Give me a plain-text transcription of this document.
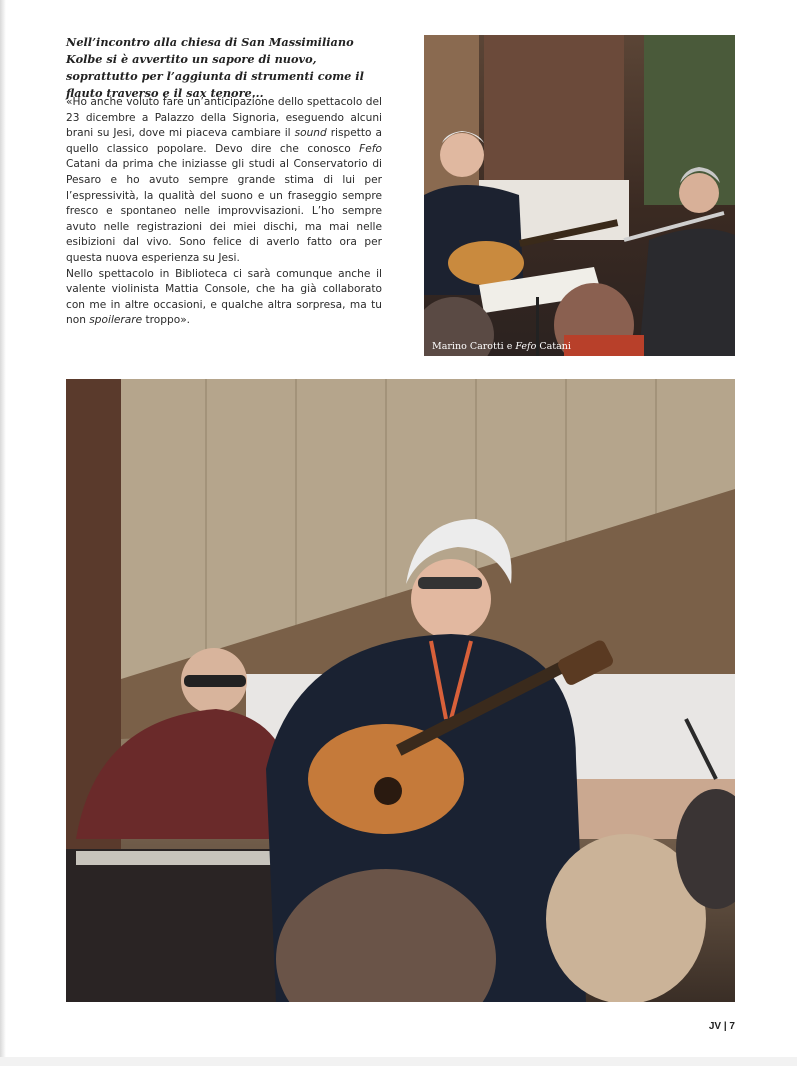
Nell’incontro alla chiesa di San Massimiliano Kolbe si è avvertito un sapore di nuovo, soprattutto per l’aggiunta di strumenti come il flauto traverso e il sax tenore...

«Ho anche voluto fare un’anticipazione dello spettacolo del 23 dicembre a Palazzo della Signoria, eseguendo alcuni brani su Jesi, dove mi piaceva cambiare il sound rispetto a quello classico popolare. Devo dire che conosco Fefo Catani da prima che iniziasse gli studi al Conservatorio di Pesaro e ho avuto sempre grande stima di lui per l’espressività, la qualità del suono e un fraseggio sempre fresco e spontaneo nelle improvvisazioni. L’ho sempre avuto nelle registrazioni dei miei dischi, ma mai nelle esibizioni dal vivo. Sono felice di averlo fatto ora per questa nuova esperienza su Jesi.

Nello spettacolo in Biblioteca ci sarà comunque anche il valente violinista Mattia Console, che ha già collaborato con me in altre occasioni, e qualche altra sorpresa, ma tu non spoilerare troppo».

Marino Carotti e Fefo Catani
JV | 7
